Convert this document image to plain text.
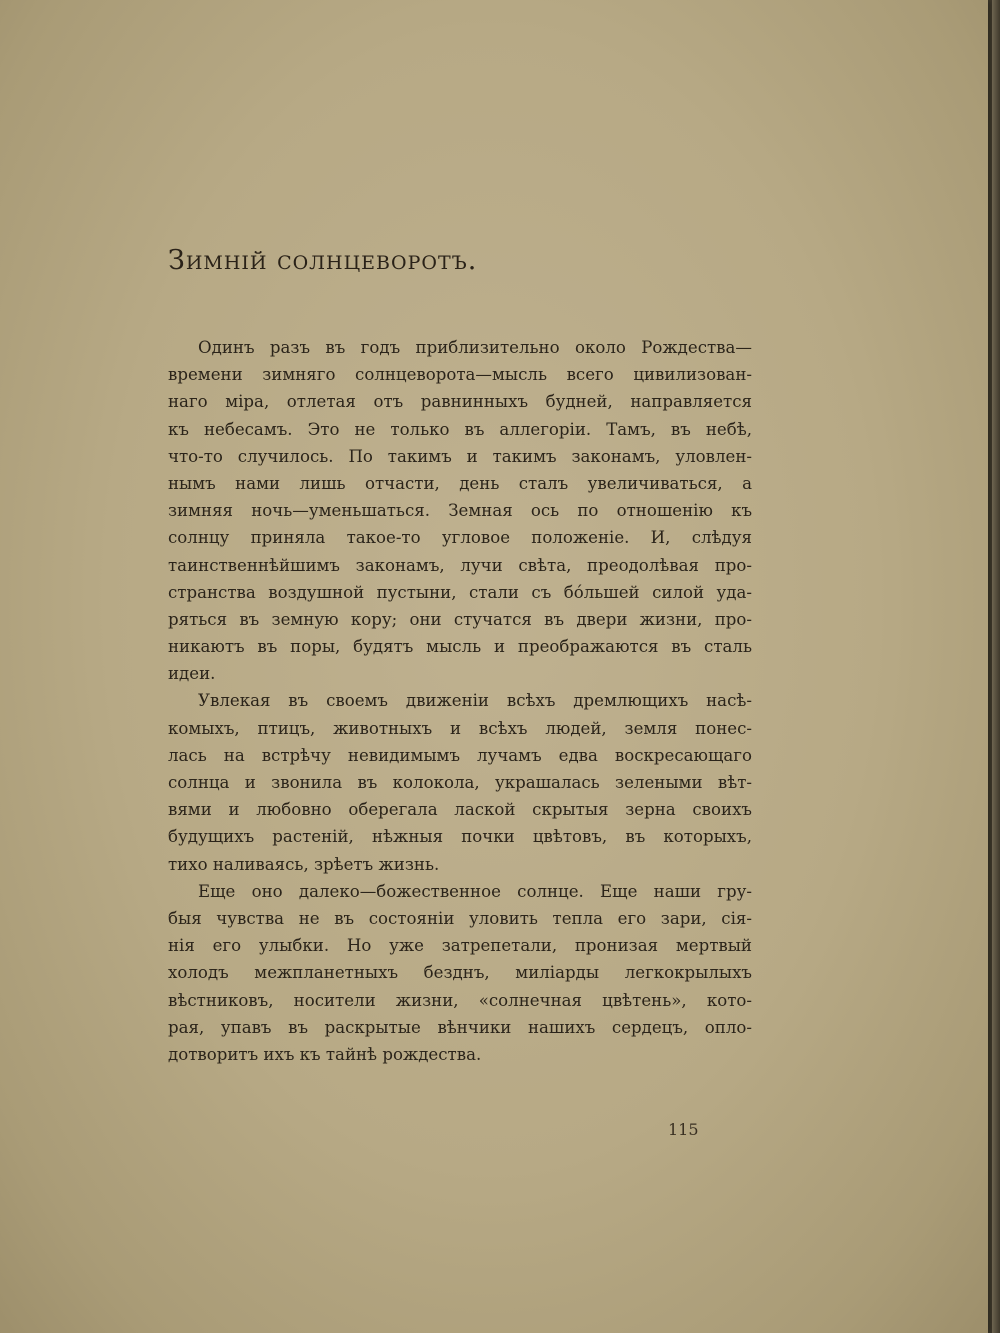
Зимнiй солнцеворотъ.
Одинъ разъ въ годъ приблизительно около Рождества—
времени зимняго солнцеворота—мысль всего цивилизован-
наго мiра, отлетая отъ равнинныхъ будней, направляется
къ небесамъ. Это не только въ аллегорiи. Тамъ, въ небѣ,
что-то случилось. По такимъ и такимъ законамъ, уловлен-
нымъ нами лишь отчасти, день сталъ увеличиваться, а
зимняя ночь—уменьшаться. Земная ось по отношенiю къ
солнцу приняла такое-то угловое положенiе. И, слѣдуя
таинственнѣйшимъ законамъ, лучи свѣта, преодолѣвая про-
странства воздушной пустыни, стали съ бо́льшей силой уда-
ряться въ земную кору; они стучатся въ двери жизни, про-
никаютъ въ поры, будятъ мысль и преображаются въ сталь
идеи.
Увлекая въ своемъ движенiи всѣхъ дремлющихъ насѣ-
комыхъ, птицъ, животныхъ и всѣхъ людей, земля понес-
лась на встрѣчу невидимымъ лучамъ едва воскресающаго
солнца и звонила въ колокола, украшалась зелеными вѣт-
вями и любовно оберегала лаской скрытыя зерна своихъ
будущихъ растенiй, нѣжныя почки цвѣтовъ, въ которыхъ,
тихо наливаясь, зрѣетъ жизнь.
Еще оно далеко—божественное солнце. Еще наши гру-
быя чувства не въ состоянiи уловить тепла его зари, сiя-
нiя его улыбки. Но уже затрепетали, пронизая мертвый
холодъ межпланетныхъ безднъ, милiарды легкокрылыхъ
вѣстниковъ, носители жизни, «солнечная цвѣтень», кото-
рая, упавъ въ раскрытые вѣнчики нашихъ сердецъ, опло-
дотворитъ ихъ къ тайнѣ рождества.
115
